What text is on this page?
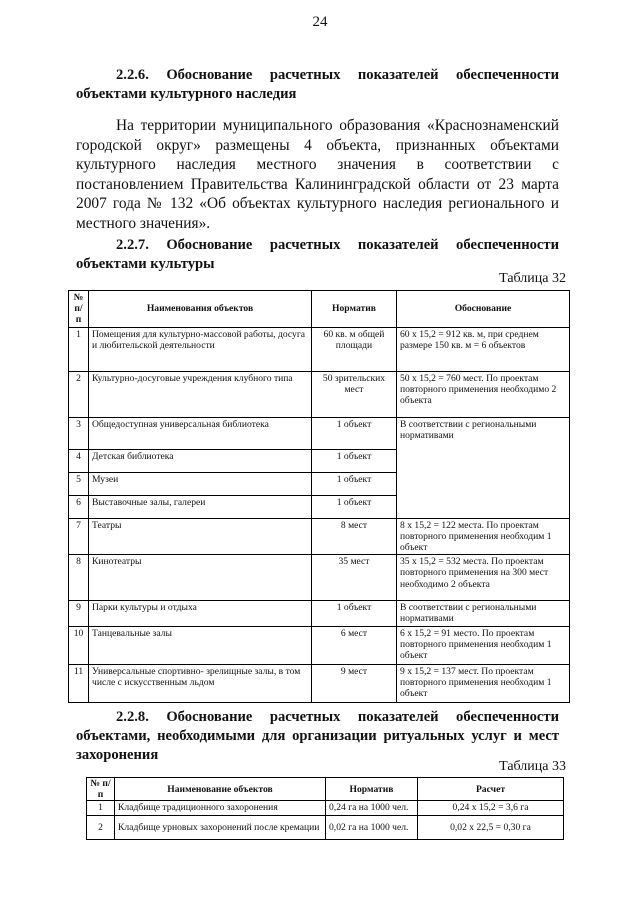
24
2.2.6. Обоснование расчетных показателей обеспеченности объектами культурного наследия
На территории муниципального образования «Краснознаменский городской округ» размещены 4 объекта, признанных объектами культурного наследия местного значения в соответствии с постановлением Правительства Калининградской области от 23 марта 2007 года № 132 «Об объектах культурного наследия регионального и местного значения».
2.2.7. Обоснование расчетных показателей обеспеченности объектами культуры
Таблица 32
№ п/п	Наименования объектов	Норматив	Обоснование
1	Помещения для культурно-массовой работы, досуга и любительской деятельности	60 кв. м общей площади	60 x 15,2 = 912 кв. м, при среднем размере 150 кв. м = 6 объектов
2	Культурно-досуговые учреждения клубного типа	50 зрительских мест	50 x 15,2 = 760 мест. По проектам повторного применения необходимо 2 объекта
3	Общедоступная универсальная библиотека	1 объект	В соответствии с региональными нормативами
4	Детская библиотека	1 объект	
5	Музеи	1 объект	
6	Выставочные залы, галереи	1 объект	
7	Театры	8 мест	8 x 15,2 = 122 места. По проектам повторного применения необходим 1 объект
8	Кинотеатры	35 мест	35 x 15,2 = 532 места. По проектам повторного применения на 300 мест необходимо 2 объекта
9	Парки культуры и отдыха	1 объект	В соответствии с региональными нормативами
10	Танцевальные залы	6 мест	6 x 15,2 = 91 место. По проектам повторного применения необходим 1 объект
11	Универсальные спортивно- зрелищные залы, в том числе с искусственным льдом	9 мест	9 x 15,2 = 137 мест. По проектам повторного применения необходим 1 объект
2.2.8. Обоснование расчетных показателей обеспеченности объектами, необходимыми для организации ритуальных услуг и мест захоронения
Таблица 33
№ п/п	Наименование объектов	Норматив	Расчет
1	Кладбище традиционного захоронения	0,24 га на 1000 чел.	0,24 х 15,2 = 3,6 га
2	Кладбище урновых захоронений после кремации	0,02 га на 1000 чел.	0,02 х 22,5 = 0,30 га
